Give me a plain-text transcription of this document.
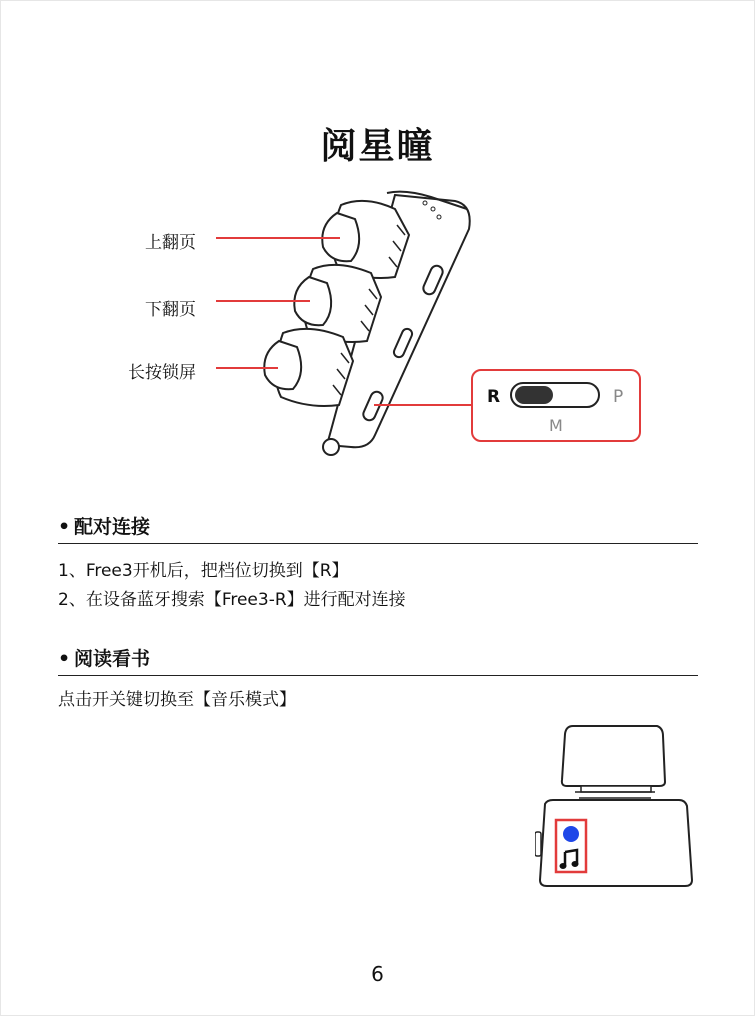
阅星曈
上翻页
下翻页
长按锁屏
R	P
M
• 配对连接
1、Free3开机后，把档位切换到【R】
2、在设备蓝牙搜索【Free3-R】进行配对连接
• 阅读看书
点击开关键切换至【音乐模式】
6
